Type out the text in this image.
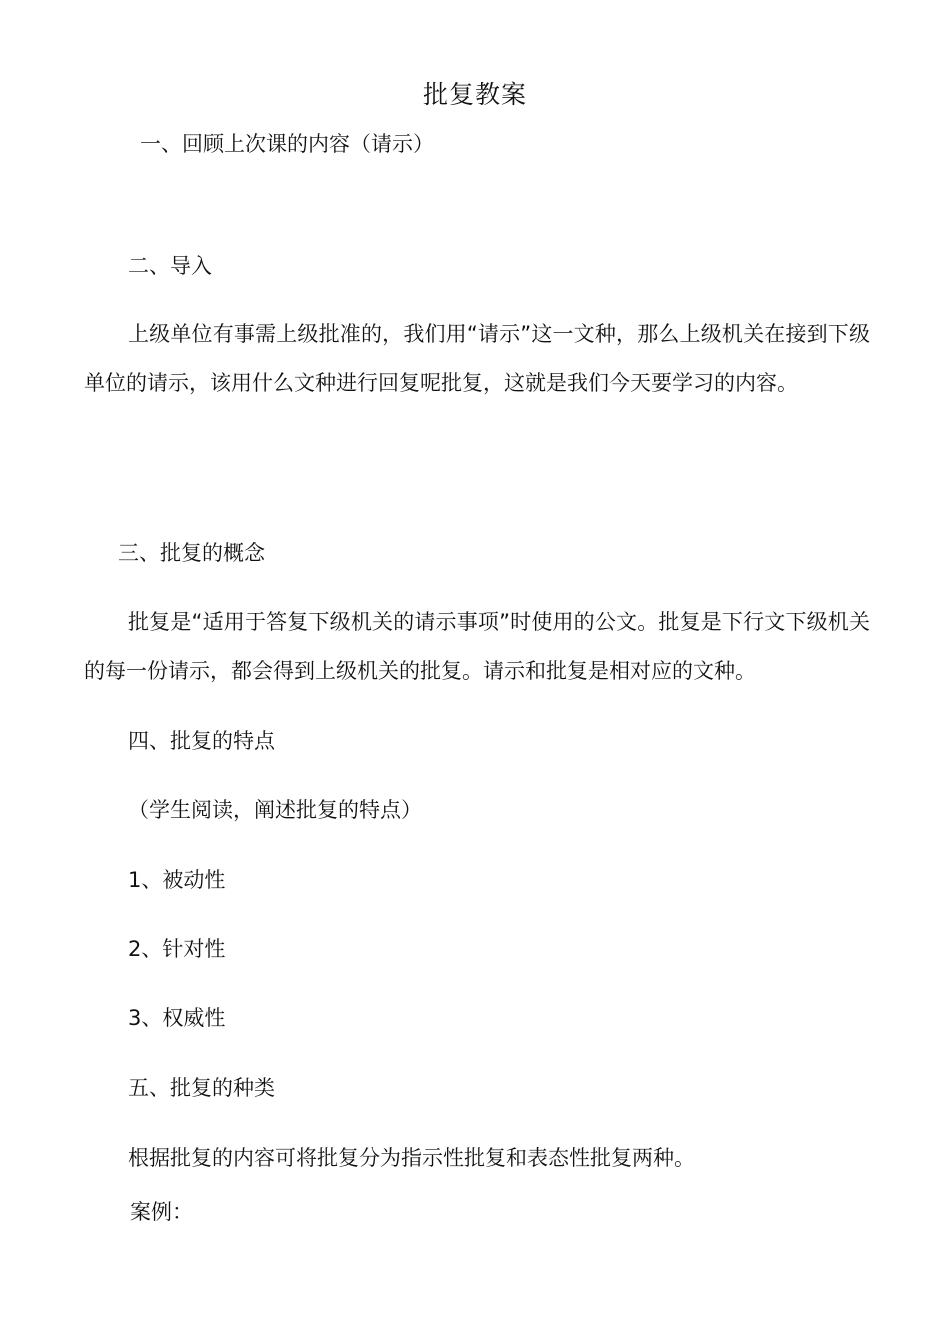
批复教案
一、回顾上次课的内容（请示）
二、导入
上级单位有事需上级批准的，我们用“请示”这一文种，那么上级机关在接到下级单位的请示，该用什么文种进行回复呢批复，这就是我们今天要学习的内容。
三、批复的概念
批复是“适用于答复下级机关的请示事项”时使用的公文。批复是下行文下级机关的每一份请示，都会得到上级机关的批复。请示和批复是相对应的文种。
四、批复的特点
（学生阅读，阐述批复的特点）
1、被动性
2、针对性
3、权威性
五、批复的种类
根据批复的内容可将批复分为指示性批复和表态性批复两种。
案例：
